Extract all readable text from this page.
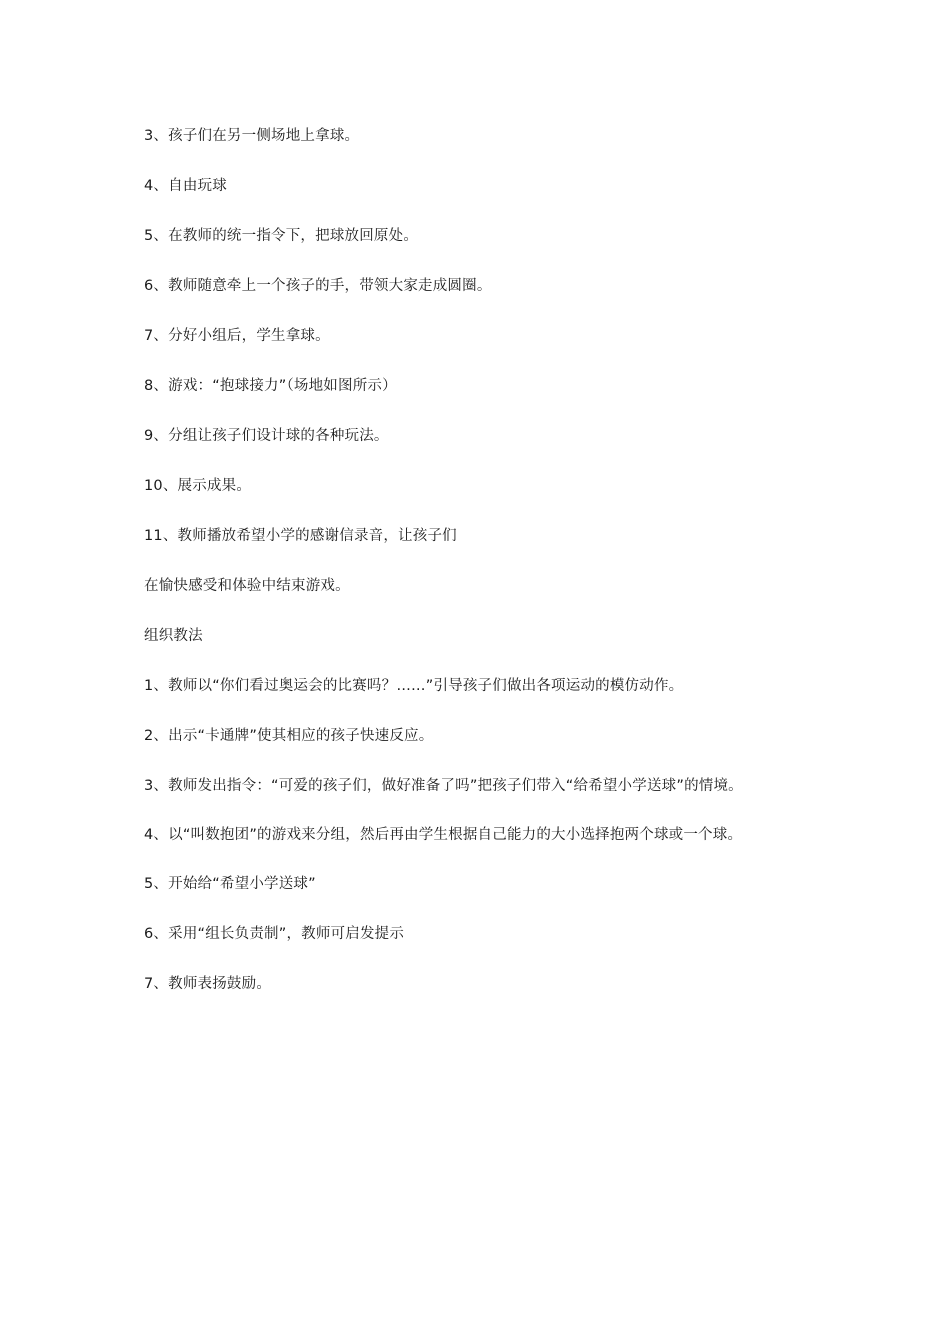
3、孩子们在另一侧场地上拿球。

4、自由玩球

5、在教师的统一指令下，把球放回原处。

6、教师随意牵上一个孩子的手，带领大家走成圆圈。

7、分好小组后，学生拿球。

8、游戏：“抱球接力”（场地如图所示）

9、分组让孩子们设计球的各种玩法。

10、展示成果。

11、教师播放希望小学的感谢信录音，让孩子们

在愉快感受和体验中结束游戏。

组织教法

1、教师以“你们看过奥运会的比赛吗？……”引导孩子们做出各项运动的模仿动作。

2、出示“卡通牌”使其相应的孩子快速反应。

3、教师发出指令：“可爱的孩子们，做好准备了吗”把孩子们带入“给希望小学送球”的情境。

4、以“叫数抱团”的游戏来分组，然后再由学生根据自己能力的大小选择抱两个球或一个球。

5、开始给“希望小学送球”

6、采用“组长负责制”，教师可启发提示

7、教师表扬鼓励。
